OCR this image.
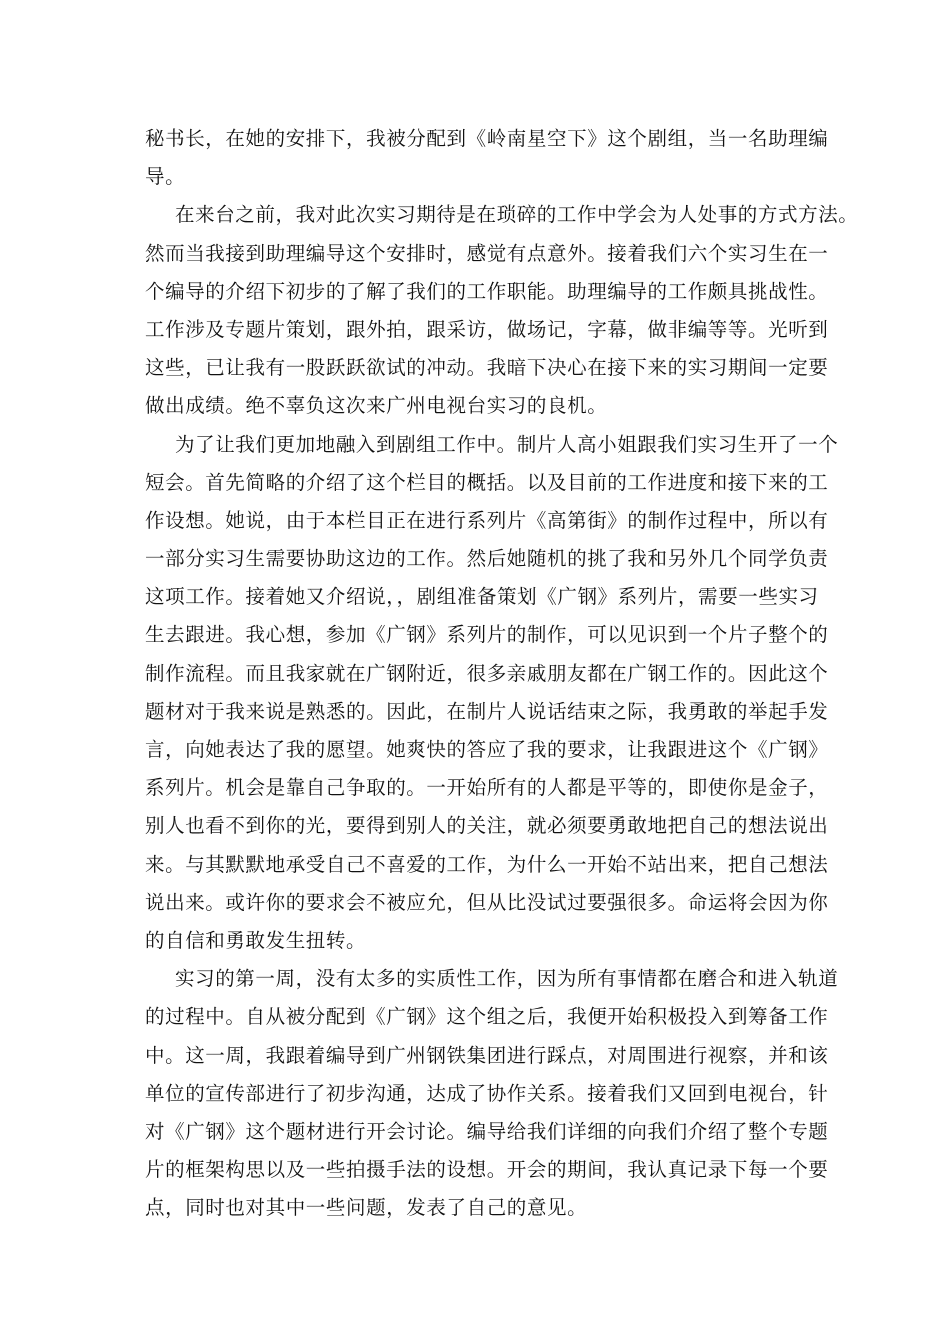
秘书长，在她的安排下，我被分配到《岭南星空下》这个剧组，当一名助理编
导。
在来台之前，我对此次实习期待是在琐碎的工作中学会为人处事的方式方法。
然而当我接到助理编导这个安排时，感觉有点意外。接着我们六个实习生在一
个编导的介绍下初步的了解了我们的工作职能。助理编导的工作颇具挑战性。
工作涉及专题片策划，跟外拍，跟采访，做场记，字幕，做非编等等。光听到
这些，已让我有一股跃跃欲试的冲动。我暗下决心在接下来的实习期间一定要
做出成绩。绝不辜负这次来广州电视台实习的良机。
为了让我们更加地融入到剧组工作中。制片人高小姐跟我们实习生开了一个
短会。首先简略的介绍了这个栏目的概括。以及目前的工作进度和接下来的工
作设想。她说，由于本栏目正在进行系列片《高第街》的制作过程中，所以有
一部分实习生需要协助这边的工作。然后她随机的挑了我和另外几个同学负责
这项工作。接着她又介绍说，，剧组准备策划《广钢》系列片，需要一些实习
生去跟进。我心想，参加《广钢》系列片的制作，可以见识到一个片子整个的
制作流程。而且我家就在广钢附近，很多亲戚朋友都在广钢工作的。因此这个
题材对于我来说是熟悉的。因此，在制片人说话结束之际，我勇敢的举起手发
言，向她表达了我的愿望。她爽快的答应了我的要求，让我跟进这个《广钢》
系列片。机会是靠自己争取的。一开始所有的人都是平等的，即使你是金子，
别人也看不到你的光，要得到别人的关注，就必须要勇敢地把自己的想法说出
来。与其默默地承受自己不喜爱的工作，为什么一开始不站出来，把自己想法
说出来。或许你的要求会不被应允，但从比没试过要强很多。命运将会因为你
的自信和勇敢发生扭转。
实习的第一周，没有太多的实质性工作，因为所有事情都在磨合和进入轨道
的过程中。自从被分配到《广钢》这个组之后，我便开始积极投入到筹备工作
中。这一周，我跟着编导到广州钢铁集团进行踩点，对周围进行视察，并和该
单位的宣传部进行了初步沟通，达成了协作关系。接着我们又回到电视台，针
对《广钢》这个题材进行开会讨论。编导给我们详细的向我们介绍了整个专题
片的框架构思以及一些拍摄手法的设想。开会的期间，我认真记录下每一个要
点，同时也对其中一些问题，发表了自己的意见。
